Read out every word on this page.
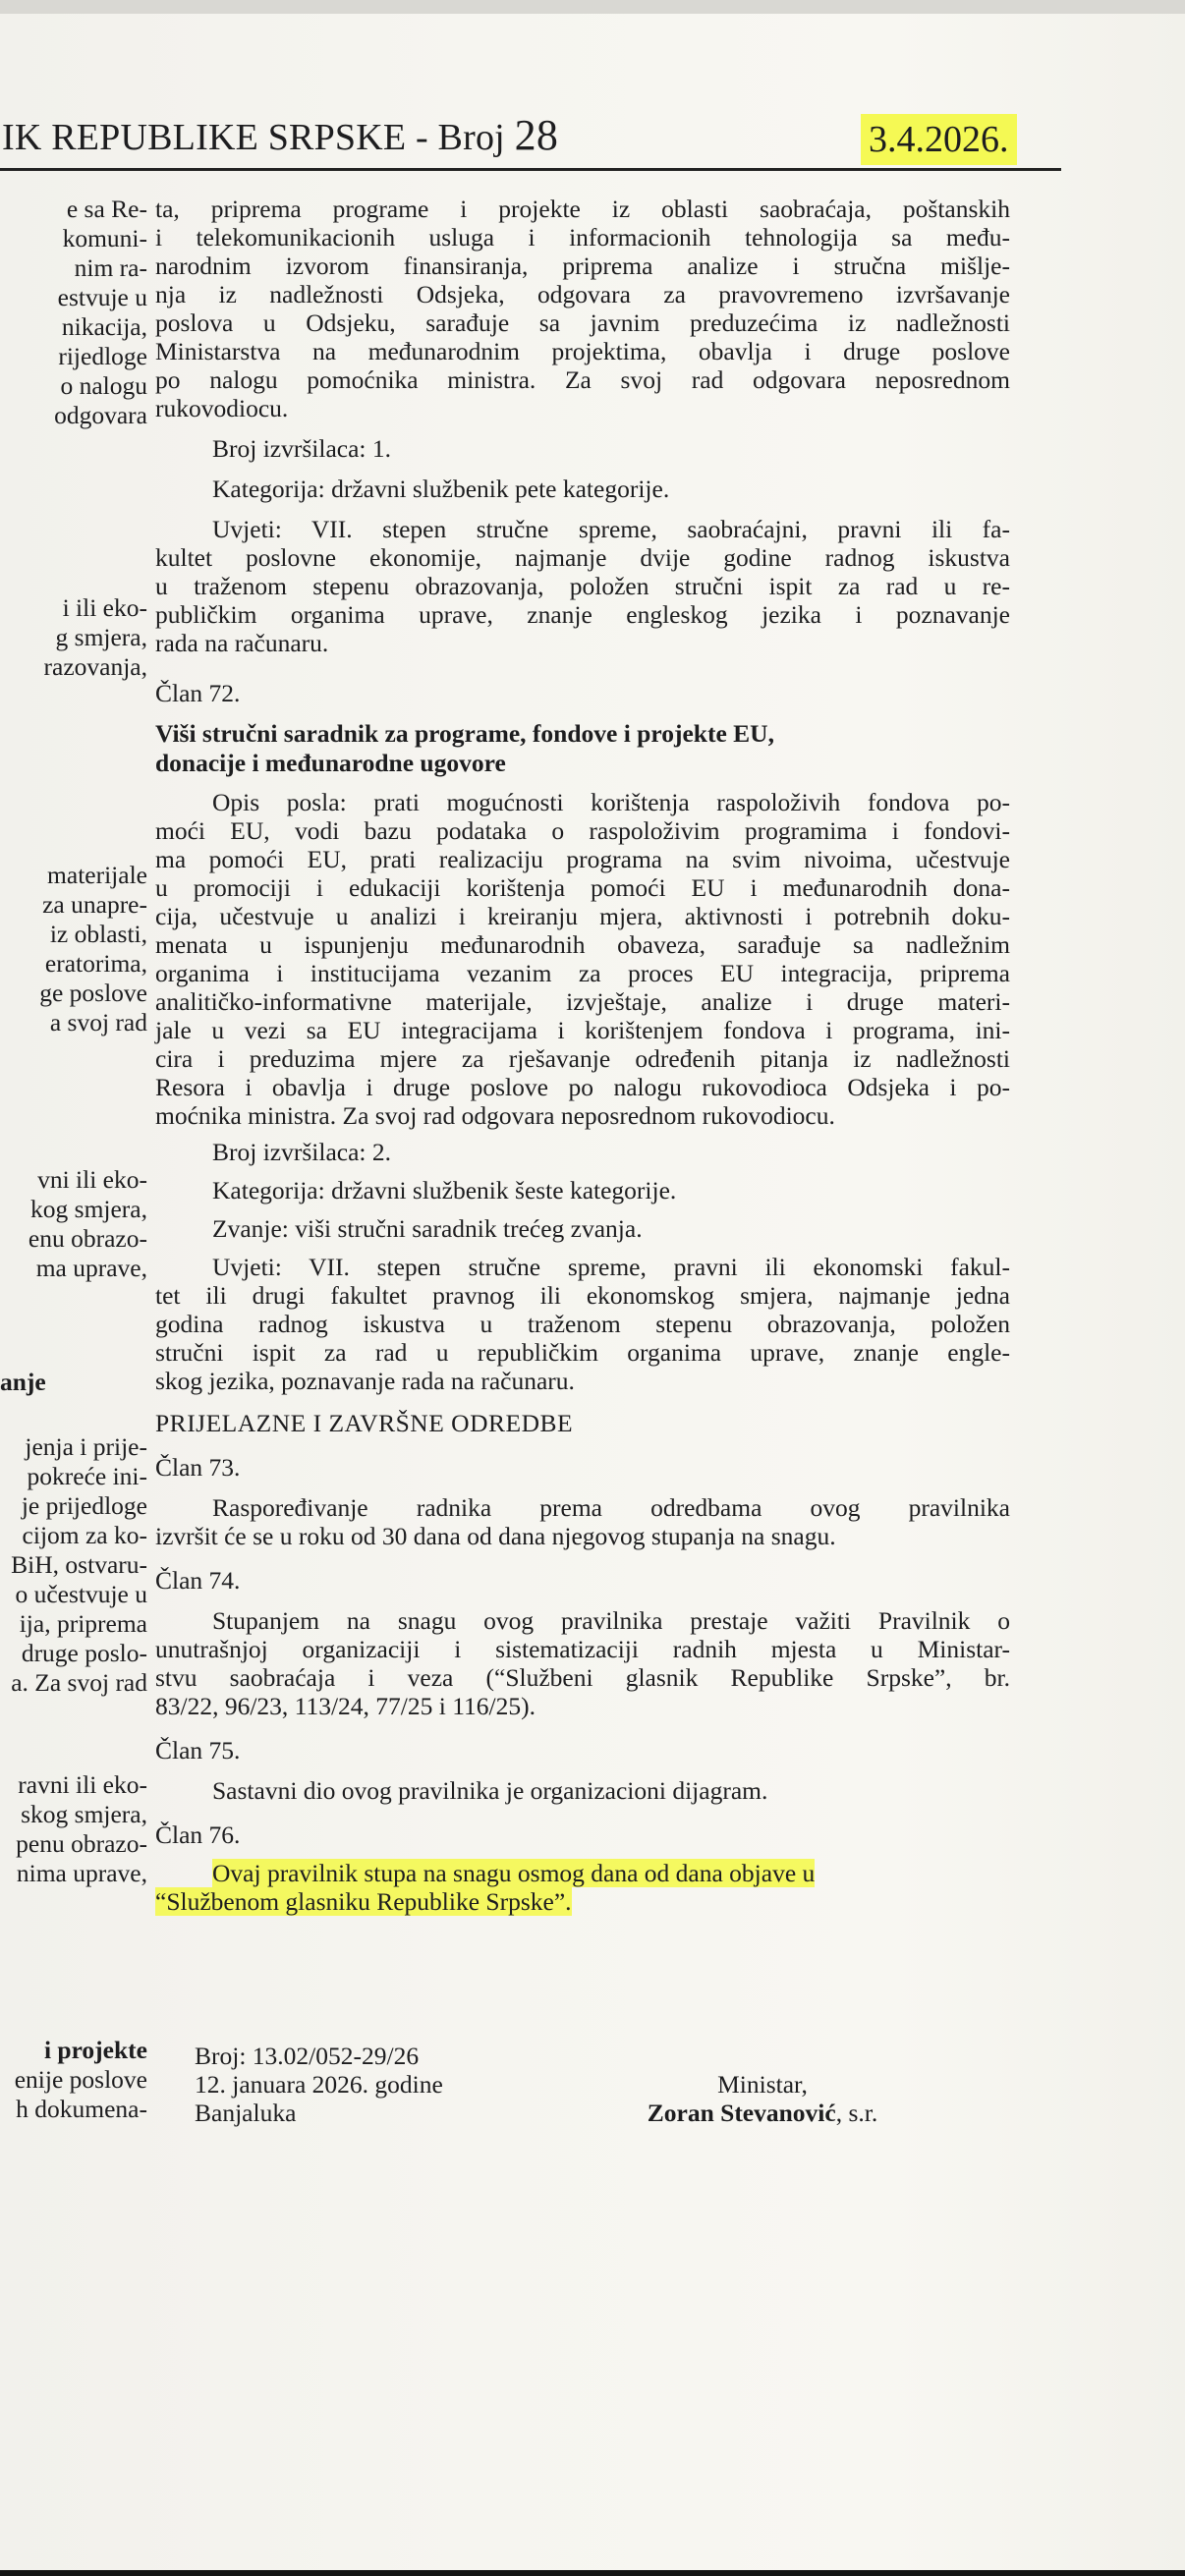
IK REPUBLIKE SRPSKE - Broj 28	3.4.2026.
e sa Re-
komuni-
nim ra-
estvuje u
nikacija,
rijedloge
o nalogu
odgovara
i ili eko-
g smjera,
razovanja,
materijale
za unapre-
iz oblasti,
eratorima,
ge poslove
a svoj rad
vni ili eko-
kog smjera,
enu obrazo-
ma uprave,
anje
jenja i prije-
pokreće ini-
je prijedloge
cijom za ko-
BiH, ostvaru-
o učestvuje u
ija, priprema
druge poslo-
a. Za svoj rad
ravni ili eko-
skog smjera,
penu obrazo-
nima uprave,
i projekte
enije poslove
h dokumena-

ta, priprema programe i projekte iz oblasti saobraćaja, poštanskih

i telekomunikacionih usluga i informacionih tehnologija sa među-

narodnim izvorom finansiranja, priprema analize i stručna mišlje-

nja iz nadležnosti Odsjeka, odgovara za pravovremeno izvršavanje

poslova u Odsjeku, sarađuje sa javnim preduzećima iz nadležnosti

Ministarstva na međunarodnim projektima, obavlja i druge poslove

po nalogu pomoćnika ministra. Za svoj rad odgovara neposrednom

rukovodiocu.

Broj izvršilaca: 1.

Kategorija: državni službenik pete kategorije.

Uvjeti: VII. stepen stručne spreme, saobraćajni, pravni ili fa-

kultet poslovne ekonomije, najmanje dvije godine radnog iskustva

u traženom stepenu obrazovanja, položen stručni ispit za rad u re-

publičkim organima uprave, znanje engleskog jezika i poznavanje

rada na računaru.

Član 72.

Viši stručni saradnik za programe, fondove i projekte EU,

donacije i međunarodne ugovore

Opis posla: prati mogućnosti korištenja raspoloživih fondova po-

moći EU, vodi bazu podataka o raspoloživim programima i fondovi-

ma pomoći EU, prati realizaciju programa na svim nivoima, učestvuje

u promociji i edukaciji korištenja pomoći EU i međunarodnih dona-

cija, učestvuje u analizi i kreiranju mjera, aktivnosti i potrebnih doku-

menata u ispunjenju međunarodnih obaveza, sarađuje sa nadležnim

organima i institucijama vezanim za proces EU integracija, priprema

analitičko-informativne materijale, izvještaje, analize i druge materi-

jale u vezi sa EU integracijama i korištenjem fondova i programa, ini-

cira i preduzima mjere za rješavanje određenih pitanja iz nadležnosti

Resora i obavlja i druge poslove po nalogu rukovodioca Odsjeka i po-

moćnika ministra. Za svoj rad odgovara neposrednom rukovodiocu.

Broj izvršilaca: 2.

Kategorija: državni službenik šeste kategorije.

Zvanje: viši stručni saradnik trećeg zvanja.

Uvjeti: VII. stepen stručne spreme, pravni ili ekonomski fakul-

tet ili drugi fakultet pravnog ili ekonomskog smjera, najmanje jedna

godina radnog iskustva u traženom stepenu obrazovanja, položen

stručni ispit za rad u republičkim organima uprave, znanje engle-

skog jezika, poznavanje rada na računaru.

PRIJELAZNE I ZAVRŠNE ODREDBE

Član 73.

Raspoređivanje radnika prema odredbama ovog pravilnika

izvršit će se u roku od 30 dana od dana njegovog stupanja na snagu.

Član 74.

Stupanjem na snagu ovog pravilnika prestaje važiti Pravilnik o

unutrašnjoj organizaciji i sistematizaciji radnih mjesta u Ministar-

stvu saobraćaja i veza (“Službeni glasnik Republike Srpske”, br.

83/22, 96/23, 113/24, 77/25 i 116/25).

Član 75.

Sastavni dio ovog pravilnika je organizacioni dijagram.

Član 76.

Ovaj pravilnik stupa na snagu osmog dana od dana objave u

“Službenom glasniku Republike Srpske”.

Broj: 13.02/052-29/26
12. januara 2026. godine
Banjaluka
Ministar,
Zoran Stevanović, s.r.
